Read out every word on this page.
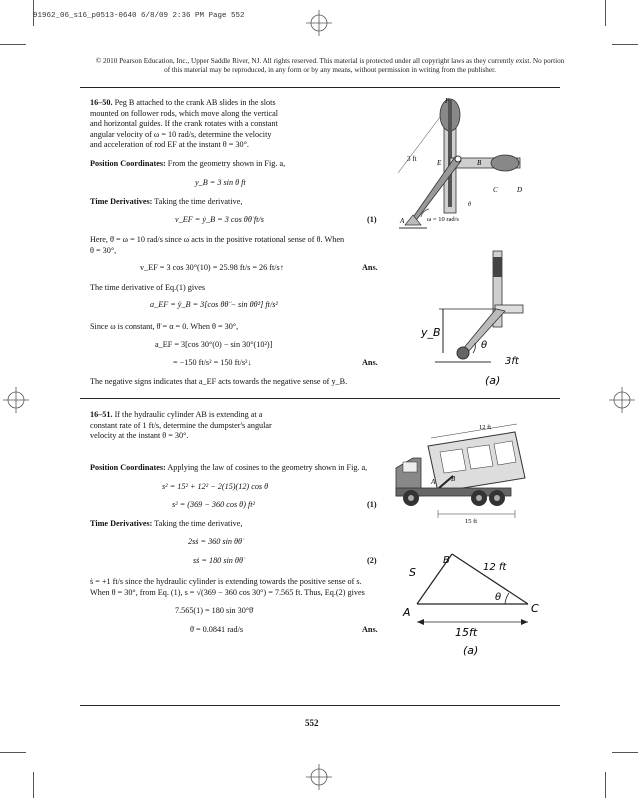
91962_06_s16_p0513-0640 6/8/09 2:36 PM Page 552
© 2010 Pearson Education, Inc., Upper Saddle River, NJ. All rights reserved. This material is protected under all copyright laws as they currently exist. No portion of this material may be reproduced, in any form or by any means, without permission in writing from the publisher.
16–50. Peg B attached to the crank AB slides in the slots
mounted on follower rods, which move along the vertical
and horizontal guides. If the crank rotates with a constant
angular velocity of ω = 10 rad/s, determine the velocity
and acceleration of rod EF at the instant θ = 30°.
Position Coordinates: From the geometry shown in Fig. a,
y_B = 3 sin θ ft
Time Derivatives: Taking the time derivative,
v_EF = ẏ_B = 3 cos θθ̇ ft/s	(1)
Here, θ̇ = ω = 10 rad/s since ω acts in the positive rotational sense of θ. When
θ = 30°,
v_EF = 3 cos 30°(10) = 25.98 ft/s = 26 ft/s↑	Ans.
The time derivative of Eq.(1) gives
a_EF = ÿ_B = 3[cos θθ̈ − sin θθ̇²] ft/s²
Since ω is constant, θ̈ = α = 0. When θ = 30°,
a_EF = 3[cos 30°(0) − sin 30°(10²)]
= −150 ft/s² = 150 ft/s²↓	Ans.
The negative signs indicates that a_EF acts towards the negative sense of y_B.
F
3 ft	E	B
θ
C	D
A	ω = 10 rad/s
y_B
θ
3ft
(a)
16–51. If the hydraulic cylinder AB is extending at a
constant rate of 1 ft/s, determine the dumpster's angular
velocity at the instant θ = 30°.
Position Coordinates: Applying the law of cosines to the geometry shown in Fig. a,
s² = 15² + 12² − 2(15)(12) cos θ
s² = (369 − 360 cos θ) ft²	(1)
Time Derivatives: Taking the time derivative,
2sṡ = 360 sin θθ̇
sṡ = 180 sin θθ̇	(2)
ṡ = +1 ft/s since the hydraulic cylinder is extending towards the positive sense of s.
When θ = 30°, from Eq. (1), s = √(369 − 360 cos 30°) = 7.565 ft. Thus, Eq.(2) gives
7.565(1) = 180 sin 30°θ̇
θ̇ = 0.0841 rad/s	Ans.
12 ft
A B
15 ft
B
S	12 ft
A
θ
C
15ft
(a)
552
